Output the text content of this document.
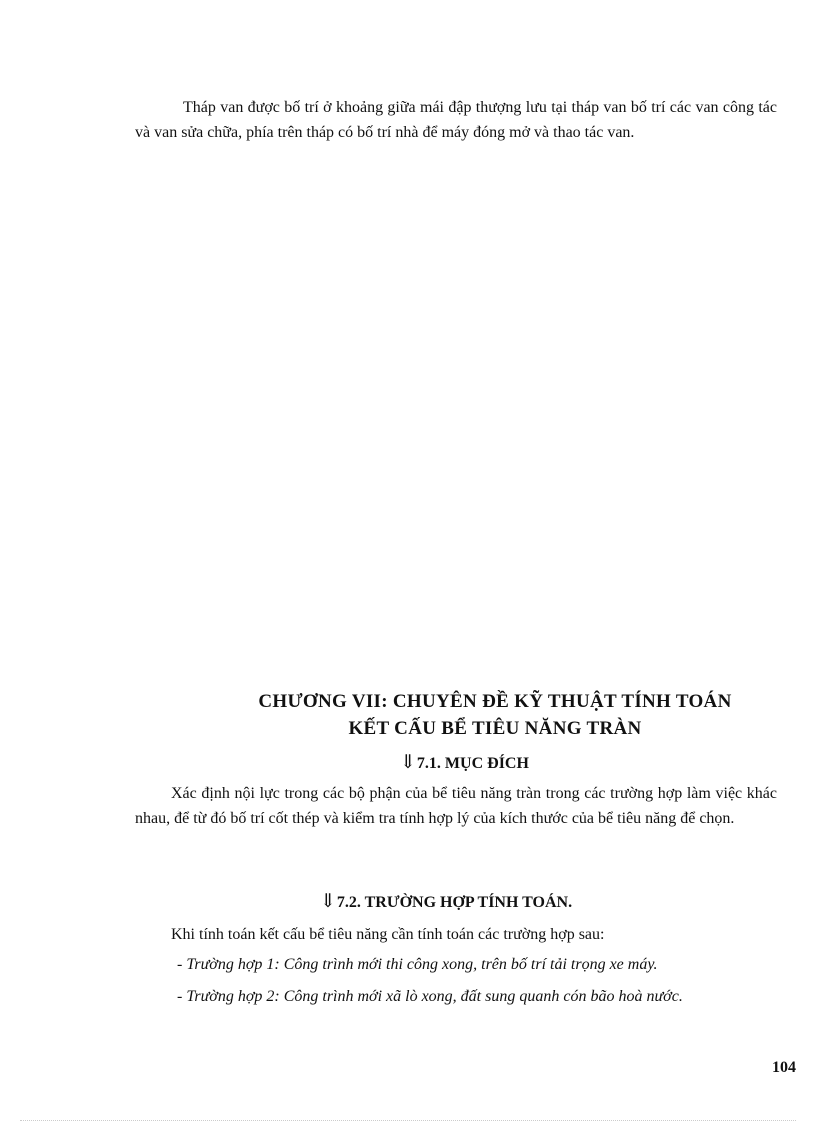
Tháp van được bố trí ở khoảng giữa mái đập thượng lưu tại tháp van bố trí các van công tác và van sửa chữa, phía trên tháp có bố trí nhà để máy đóng mở và thao tác van.

CHƯƠNG VII: CHUYÊN ĐỀ KỸ THUẬT TÍNH TOÁN
KẾT CẤU BỂ TIÊU NĂNG TRÀN
⇓7.1. MỤC ĐÍCH

Xác định nội lực trong các bộ phận của bể tiêu năng tràn trong các trường hợp làm việc khác nhau, để từ đó bố trí cốt thép và kiểm tra tính hợp lý của kích thước của bể tiêu năng để chọn.

⇓7.2. TRƯỜNG HỢP TÍNH TOÁN.

Khi tính toán kết cấu bể tiêu năng cần tính toán các trường hợp sau:

- Trường hợp 1: Công trình mới thi công xong, trên bố trí tải trọng xe máy.

- Trường hợp 2: Công trình mới xã lò xong, đất sung quanh cón bão hoà nước.

104
